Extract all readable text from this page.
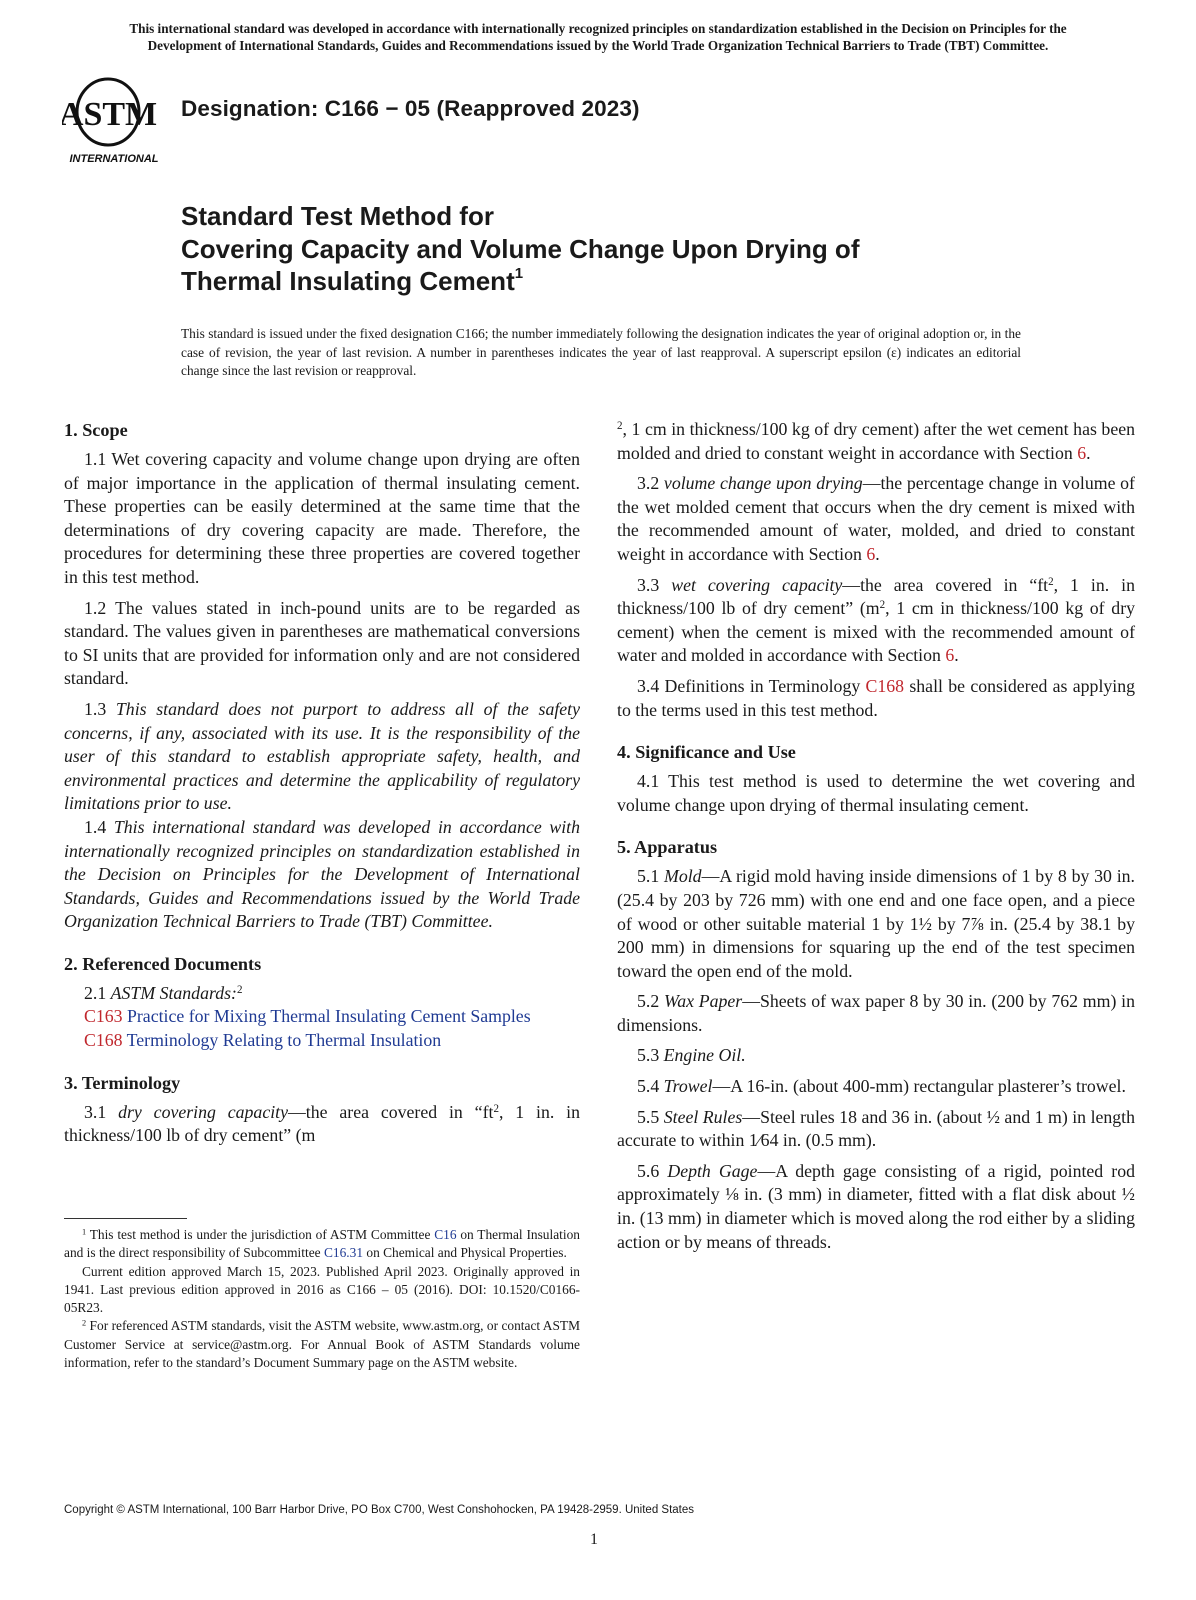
This international standard was developed in accordance with internationally recognized principles on standardization established in the Decision on Principles for the
Development of International Standards, Guides and Recommendations issued by the World Trade Organization Technical Barriers to Trade (TBT) Committee.
ASTM
INTERNATIONAL
Designation: C166 − 05 (Reapproved 2023)
Standard Test Method for
Covering Capacity and Volume Change Upon Drying of
Thermal Insulating Cement$^1$
This standard is issued under the fixed designation C166; the number immediately following the designation indicates the year of original adoption or, in the case of revision, the year of last revision. A number in parentheses indicates the year of last reapproval. A superscript epsilon (ε) indicates an editorial change since the last revision or reapproval.
1. Scope

1.1 Wet covering capacity and volume change upon drying are often of major importance in the application of thermal insulating cement. These properties can be easily determined at the same time that the determinations of dry covering capacity are made. Therefore, the procedures for determining these three properties are covered together in this test method.

1.2 The values stated in inch-pound units are to be regarded as standard. The values given in parentheses are mathematical conversions to SI units that are provided for information only and are not considered standard.

1.3 This standard does not purport to address all of the safety concerns, if any, associated with its use. It is the responsibility of the user of this standard to establish appropriate safety, health, and environmental practices and determine the applicability of regulatory limitations prior to use.

1.4 This international standard was developed in accordance with internationally recognized principles on standardization established in the Decision on Principles for the Development of International Standards, Guides and Recommendations issued by the World Trade Organization Technical Barriers to Trade (TBT) Committee.

2. Referenced Documents

2.1 ASTM Standards:$^2$

C163 Practice for Mixing Thermal Insulating Cement Samples
C168 Terminology Relating to Thermal Insulation
3. Terminology

3.1 dry covering capacity—the area covered in “$ft^2$, 1 in. in thickness/100 lb of dry cement” (m

$^2$, 1 cm in thickness/100 kg of dry cement) after the wet cement has been molded and dried to constant weight in accordance with Section 6.

3.2 volume change upon drying—the percentage change in volume of the wet molded cement that occurs when the dry cement is mixed with the recommended amount of water, molded, and dried to constant weight in accordance with Section 6.

3.3 wet covering capacity—the area covered in “$ft^2$, 1 in. in thickness/100 lb of dry cement” ($m^2$, 1 cm in thickness/100 kg of dry cement) when the cement is mixed with the recommended amount of water and molded in accordance with Section 6.

3.4 Definitions in Terminology C168 shall be considered as applying to the terms used in this test method.

4. Significance and Use

4.1 This test method is used to determine the wet covering and volume change upon drying of thermal insulating cement.

5. Apparatus

5.1 Mold—A rigid mold having inside dimensions of 1 by 8 by 30 in. (25.4 by 203 by 726 mm) with one end and one face open, and a piece of wood or other suitable material 1 by 1½ by 7⅞ in. (25.4 by 38.1 by 200 mm) in dimensions for squaring up the end of the test specimen toward the open end of the mold.

5.2 Wax Paper—Sheets of wax paper 8 by 30 in. (200 by 762 mm) in dimensions.

5.3 Engine Oil.

5.4 Trowel—A 16-in. (about 400-mm) rectangular plasterer’s trowel.

5.5 Steel Rules—Steel rules 18 and 36 in. (about ½ and 1 m) in length accurate to within 1⁄64 in. (0.5 mm).

5.6 Depth Gage—A depth gage consisting of a rigid, pointed rod approximately ⅛ in. (3 mm) in diameter, fitted with a flat disk about ½ in. (13 mm) in diameter which is moved along the rod either by a sliding action or by means of threads.

$^1$ This test method is under the jurisdiction of ASTM Committee C16 on Thermal Insulation and is the direct responsibility of Subcommittee C16.31 on Chemical and Physical Properties.

Current edition approved March 15, 2023. Published April 2023. Originally approved in 1941. Last previous edition approved in 2016 as C166 – 05 (2016). DOI: 10.1520/C0166-05R23.

$^2$ For referenced ASTM standards, visit the ASTM website, www.astm.org, or contact ASTM Customer Service at service@astm.org. For Annual Book of ASTM Standards volume information, refer to the standard’s Document Summary page on the ASTM website.

Copyright © ASTM International, 100 Barr Harbor Drive, PO Box C700, West Conshohocken, PA 19428-2959. United States
1
